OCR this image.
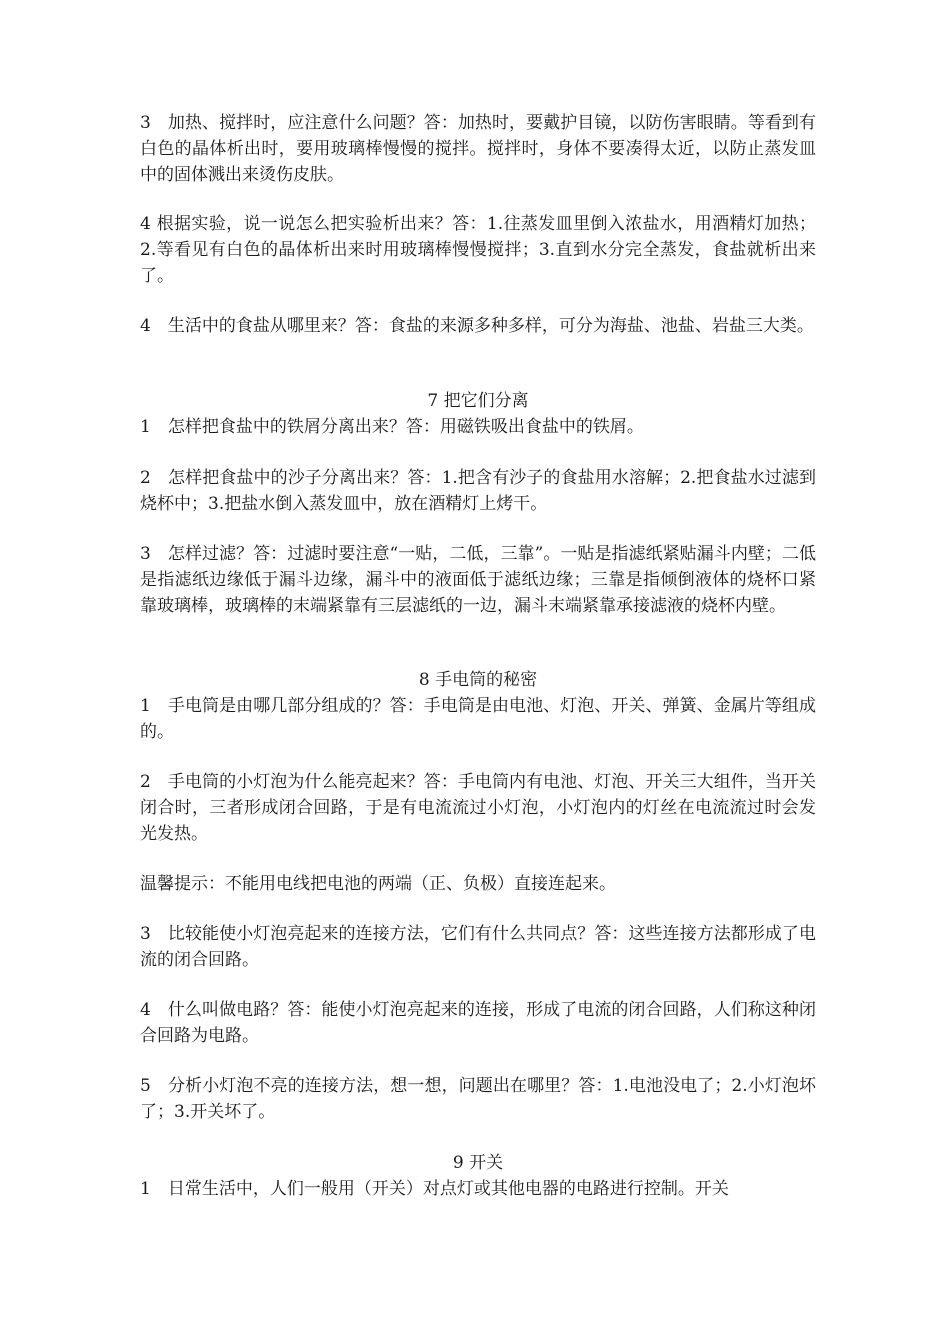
3　加热、搅拌时，应注意什么问题？答：加热时，要戴护目镜，以防伤害眼睛。等看到有白色的晶体析出时，要用玻璃棒慢慢的搅拌。搅拌时，身体不要凑得太近，以防止蒸发皿中的固体溅出来烫伤皮肤。

4 根据实验，说一说怎么把实验析出来？答：1.往蒸发皿里倒入浓盐水，用酒精灯加热；2.等看见有白色的晶体析出来时用玻璃棒慢慢搅拌；3.直到水分完全蒸发，食盐就析出来了。

4　生活中的食盐从哪里来？答：食盐的来源多种多样，可分为海盐、池盐、岩盐三大类。

7 把它们分离

1　怎样把食盐中的铁屑分离出来？答：用磁铁吸出食盐中的铁屑。

2　怎样把食盐中的沙子分离出来？答：1.把含有沙子的食盐用水溶解；2.把食盐水过滤到烧杯中；3.把盐水倒入蒸发皿中，放在酒精灯上烤干。

3　怎样过滤？答：过滤时要注意“一贴，二低，三靠”。一贴是指滤纸紧贴漏斗内壁；二低是指滤纸边缘低于漏斗边缘，漏斗中的液面低于滤纸边缘；三靠是指倾倒液体的烧杯口紧靠玻璃棒，玻璃棒的末端紧靠有三层滤纸的一边，漏斗末端紧靠承接滤液的烧杯内壁。

8 手电筒的秘密

1　手电筒是由哪几部分组成的？答：手电筒是由电池、灯泡、开关、弹簧、金属片等组成的。

2　手电筒的小灯泡为什么能亮起来？答：手电筒内有电池、灯泡、开关三大组件，当开关闭合时，三者形成闭合回路，于是有电流流过小灯泡，小灯泡内的灯丝在电流流过时会发光发热。

温馨提示：不能用电线把电池的两端（正、负极）直接连起来。

3　比较能使小灯泡亮起来的连接方法，它们有什么共同点？答：这些连接方法都形成了电流的闭合回路。

4　什么叫做电路？答：能使小灯泡亮起来的连接，形成了电流的闭合回路，人们称这种闭合回路为电路。

5　分析小灯泡不亮的连接方法，想一想，问题出在哪里？答：1.电池没电了；2.小灯泡坏了；3.开关坏了。

9 开关

1　日常生活中，人们一般用（开关）对点灯或其他电器的电路进行控制。开关
